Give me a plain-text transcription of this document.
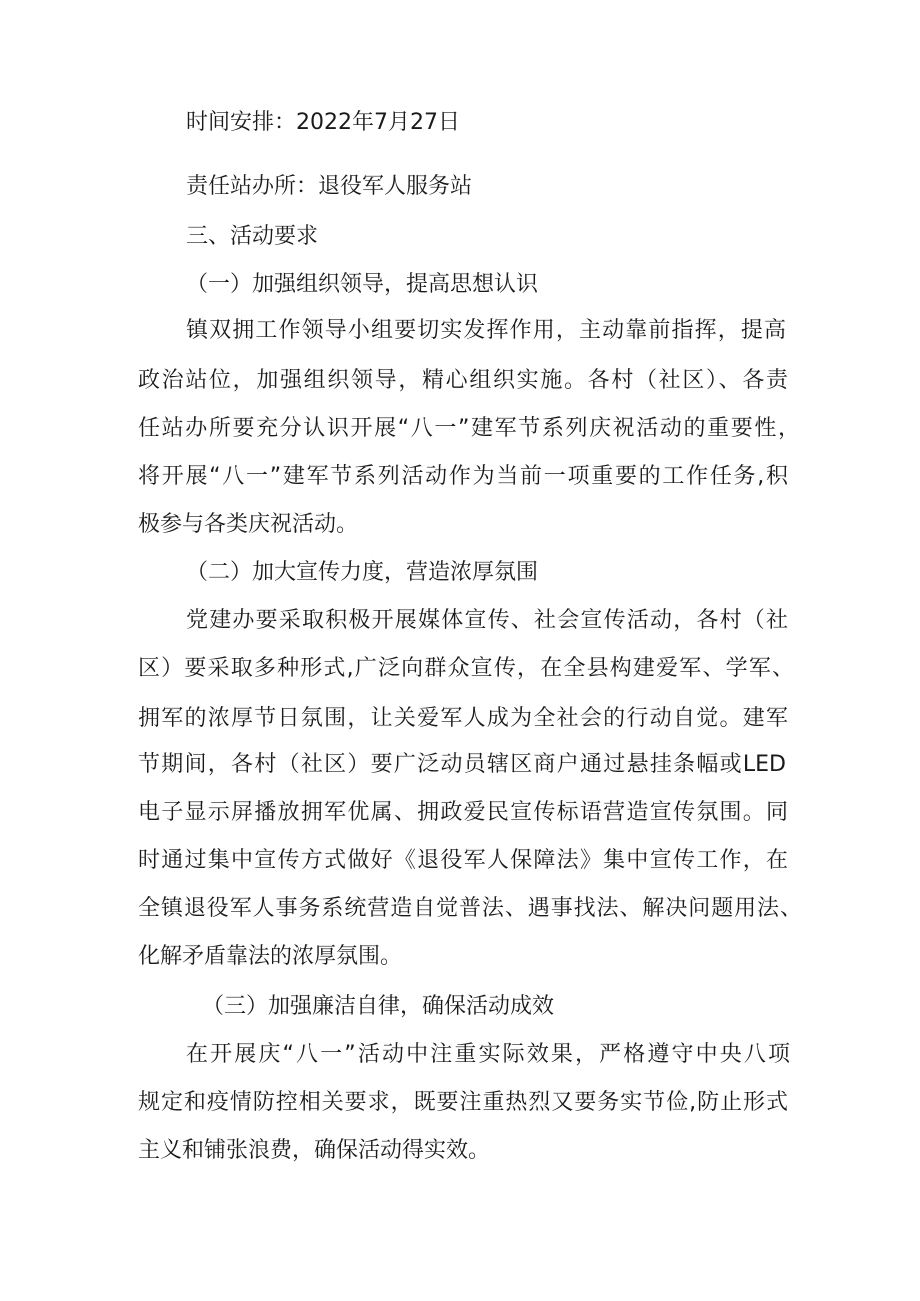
时间安排：2022年7月27日
责任站办所：退役军人服务站
三、活动要求
（一）加强组织领导，提高思想认识
镇双拥工作领导小组要切实发挥作用，主动靠前指挥，提高
政治站位，加强组织领导，精心组织实施。各村（社区）、各责
任站办所要充分认识开展“八一”建军节系列庆祝活动的重要性，
将开展“八一”建军节系列活动作为当前一项重要的工作任务,积
极参与各类庆祝活动。
（二）加大宣传力度，营造浓厚氛围
党建办要采取积极开展媒体宣传、社会宣传活动，各村（社
区）要采取多种形式,广泛向群众宣传，在全县构建爱军、学军、
拥军的浓厚节日氛围，让关爱军人成为全社会的行动自觉。建军
节期间，各村（社区）要广泛动员辖区商户通过悬挂条幅或LED
电子显示屏播放拥军优属、拥政爱民宣传标语营造宣传氛围。同
时通过集中宣传方式做好《退役军人保障法》集中宣传工作，在
全镇退役军人事务系统营造自觉普法、遇事找法、解决问题用法、
化解矛盾靠法的浓厚氛围。
（三）加强廉洁自律，确保活动成效
在开展庆“八一”活动中注重实际效果，严格遵守中央八项
规定和疫情防控相关要求，既要注重热烈又要务实节俭,防止形式
主义和铺张浪费，确保活动得实效。
